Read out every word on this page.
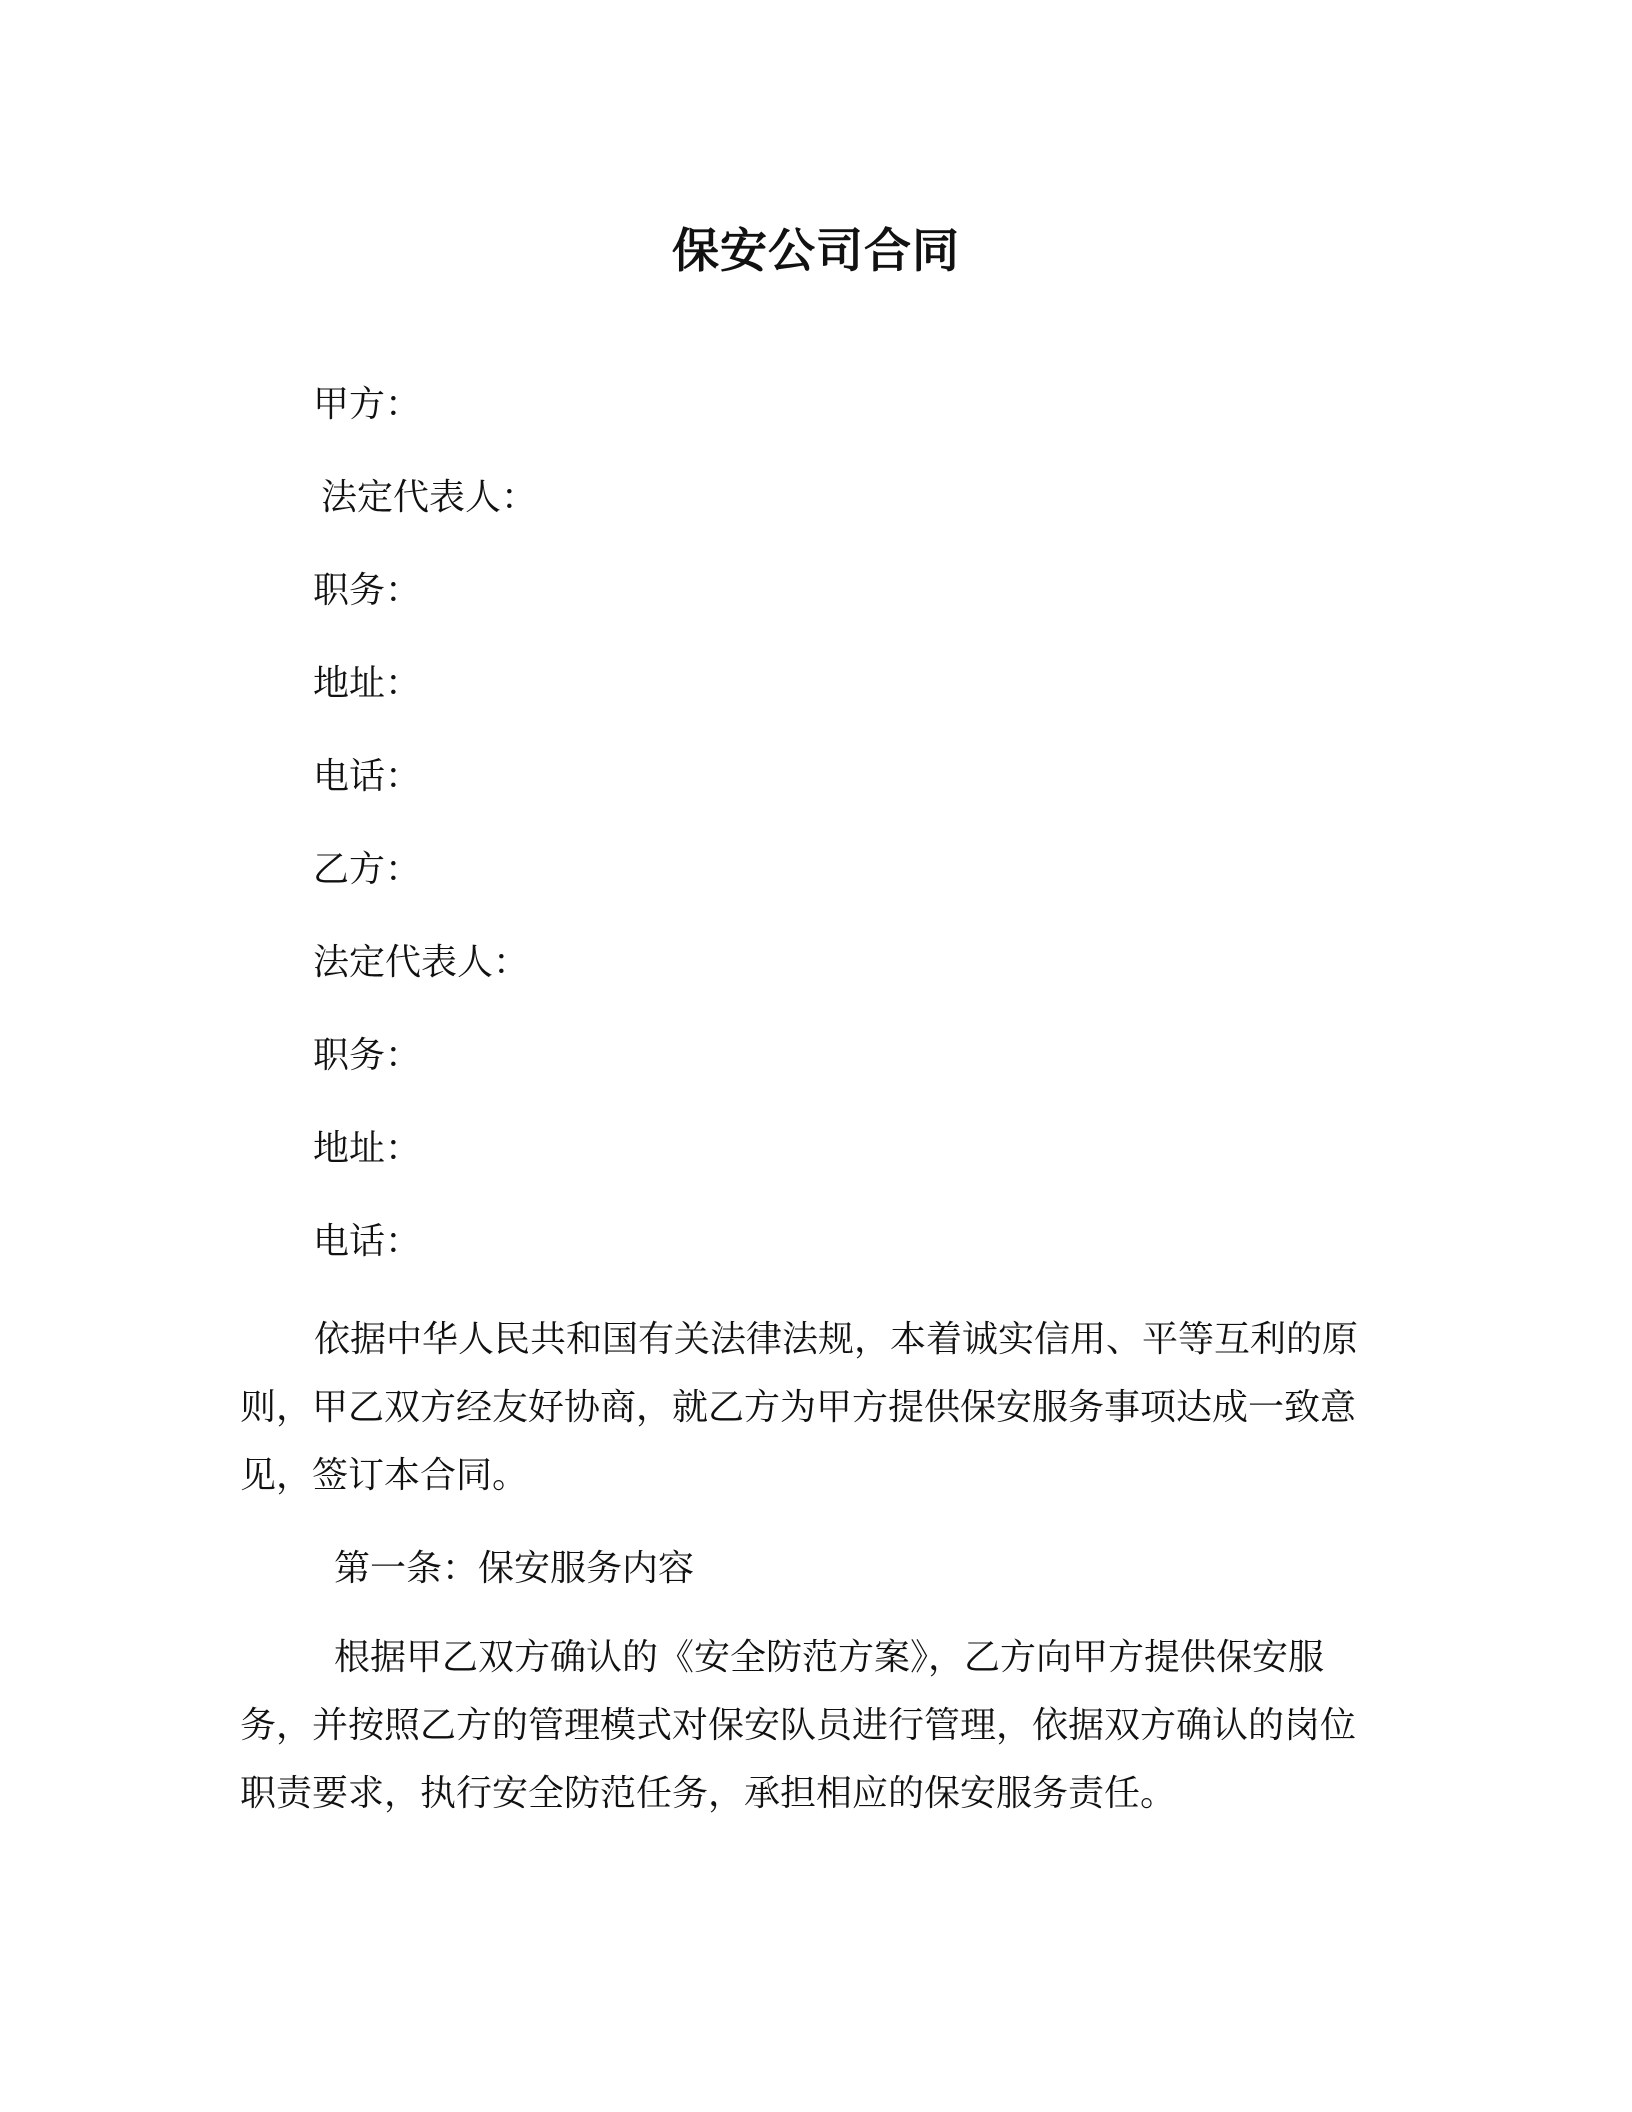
保安公司合同
甲方：
法定代表人：
职务：
地址：
电话：
乙方：
法定代表人：
职务：
地址：
电话：

依据中华人民共和国有关法律法规，本着诚实信用、平等互利的原则，甲乙双方经友好协商，就乙方为甲方提供保安服务事项达成一致意见，签订本合同。

第一条：保安服务内容

根据甲乙双方确认的《安全防范方案》，乙方向甲方提供保安服务，并按照乙方的管理模式对保安队员进行管理，依据双方确认的岗位职责要求，执行安全防范任务，承担相应的保安服务责任。
